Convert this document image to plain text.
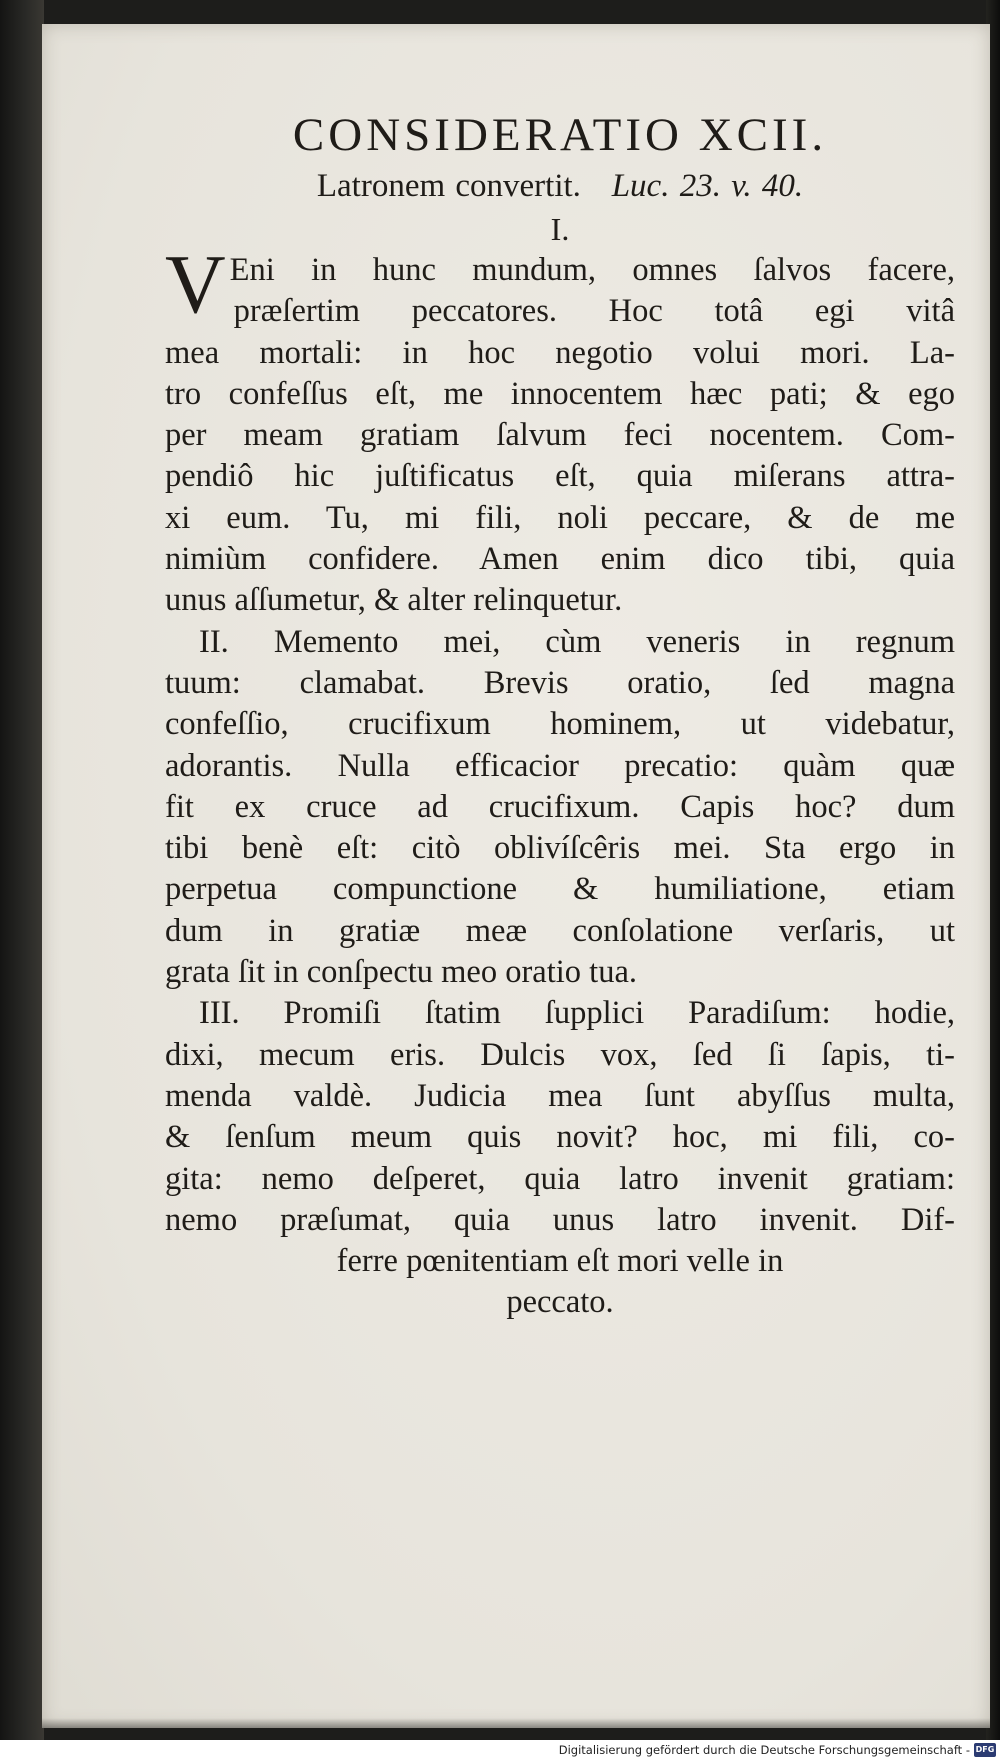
CONSIDERATIO XCII.
Latronem convertit. Luc. 23. v. 40.
I.
V Eni in hunc mundum, omnes ſalvos facere,
præſertim peccatores. Hoc totâ egi vitâ
mea mortali: in hoc negotio volui mori. La-
tro confeſſus eſt, me innocentem hæc pati; & ego
per meam gratiam ſalvum feci nocentem. Com-
pendiô hic juſtificatus eſt, quia miſerans attra-
xi eum. Tu, mi fili, noli peccare, & de me
nimiùm confidere. Amen enim dico tibi, quia
unus aſſumetur, & alter relinquetur.
II. Memento mei, cùm veneris in regnum
tuum: clamabat. Brevis oratio, ſed magna
confeſſio, crucifixum hominem, ut videbatur,
adorantis. Nulla efficacior precatio: quàm quæ
fit ex cruce ad crucifixum. Capis hoc? dum
tibi benè eſt: citò oblivíſcêris mei. Sta ergo in
perpetua compunctione & humiliatione, etiam
dum in gratiæ meæ conſolatione verſaris, ut
grata ſit in conſpectu meo oratio tua.
III. Promiſi ſtatim ſupplici Paradiſum: hodie,
dixi, mecum eris. Dulcis vox, ſed ſi ſapis, ti-
menda valdè. Judicia mea ſunt abyſſus multa,
& ſenſum meum quis novit? hoc, mi fili, co-
gita: nemo deſperet, quia latro invenit gratiam:
nemo præſumat, quia unus latro invenit. Dif-
ferre pœnitentiam eſt mori velle in
peccato.
Digitalisierung gefördert durch die Deutsche Forschungsgemeinschaft - DFG
